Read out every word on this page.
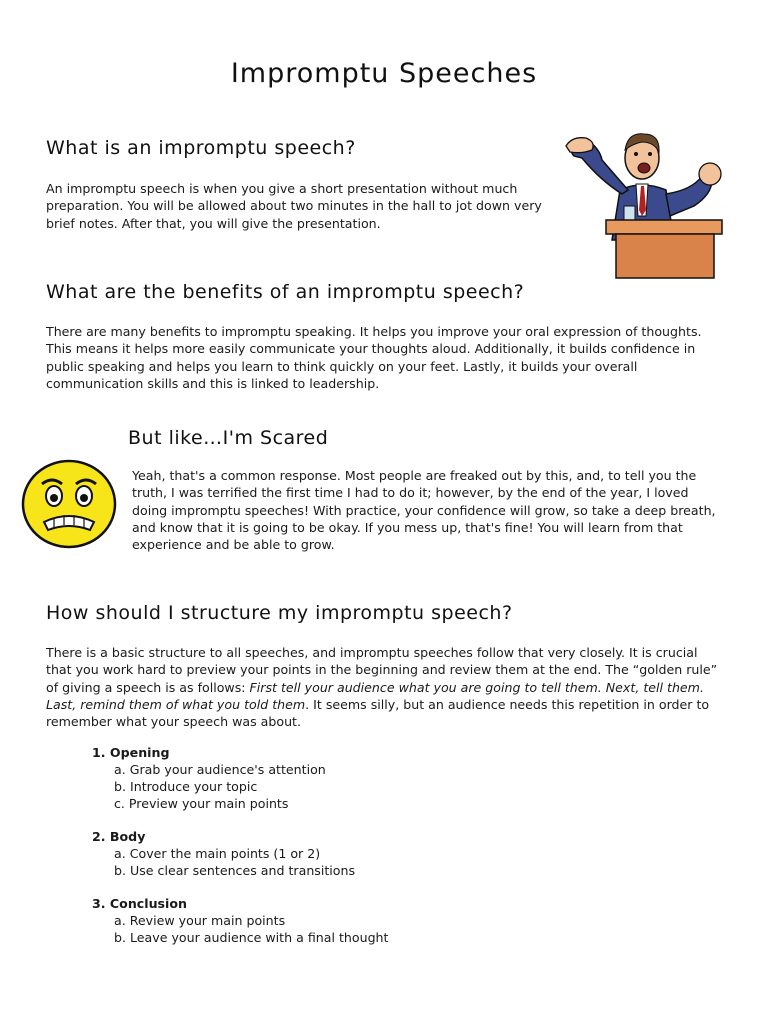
Impromptu Speeches
What is an impromptu speech?
An impromptu speech is when you give a short presentation without much preparation. You will be allowed about two minutes in the hall to jot down very brief notes. After that, you will give the presentation.
What are the benefits of an impromptu speech?
There are many benefits to impromptu speaking. It helps you improve your oral expression of thoughts. This means it helps more easily communicate your thoughts aloud. Additionally, it builds confidence in public speaking and helps you learn to think quickly on your feet. Lastly, it builds your overall communication skills and this is linked to leadership.
But like…I'm Scared
Yeah, that's a common response. Most people are freaked out by this, and, to tell you the truth, I was terrified the first time I had to do it; however, by the end of the year, I loved doing impromptu speeches! With practice, your confidence will grow, so take a deep breath, and know that it is going to be okay. If you mess up, that's fine! You will learn from that experience and be able to grow.
How should I structure my impromptu speech?
There is a basic structure to all speeches, and impromptu speeches follow that very closely. It is crucial that you work hard to preview your points in the beginning and review them at the end. The “golden rule” of giving a speech is as follows: First tell your audience what you are going to tell them. Next, tell them. Last, remind them of what you told them. It seems silly, but an audience needs this repetition in order to remember what your speech was about.
1. Opening
a. Grab your audience's attention
b. Introduce your topic
c. Preview your main points
2. Body
a. Cover the main points (1 or 2)
b. Use clear sentences and transitions
3. Conclusion
a. Review your main points
b. Leave your audience with a final thought
